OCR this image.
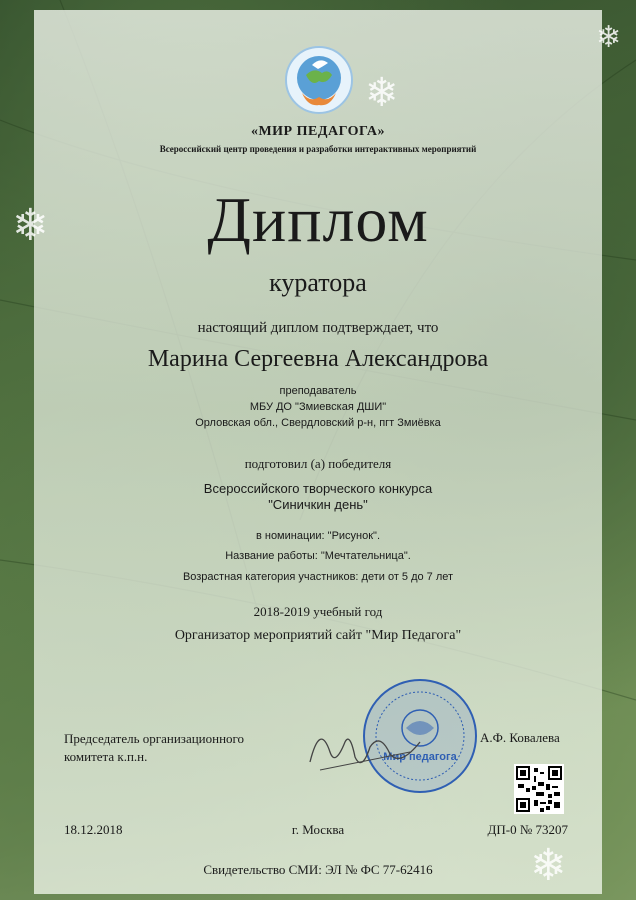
❄
❄
❄
❄
«МИР ПЕДАГОГА»
Всероссийский центр проведения и разработки интерактивных мероприятий
Диплом
куратора
настоящий диплом подтверждает, что
Марина Сергеевна Александрова
преподаватель
МБУ ДО "Змиевская ДШИ"
Орловская обл., Свердловский р-н, пгт Змиёвка
подготовил (а) победителя
Всероссийского творческого конкурса
"Синичкин день"
в номинации: "Рисунок".
Название работы: "Мечтательница".
Возрастная категория участников: дети от 5 до 7 лет
2018-2019 учебный год
Организатор мероприятий сайт "Мир Педагога"
Мир педагога
Председатель организационного
комитета к.п.н.
А.Ф. Ковалева
18.12.2018	г. Москва	ДП-0 № 73207
Свидетельство СМИ: ЭЛ № ФС 77-62416
